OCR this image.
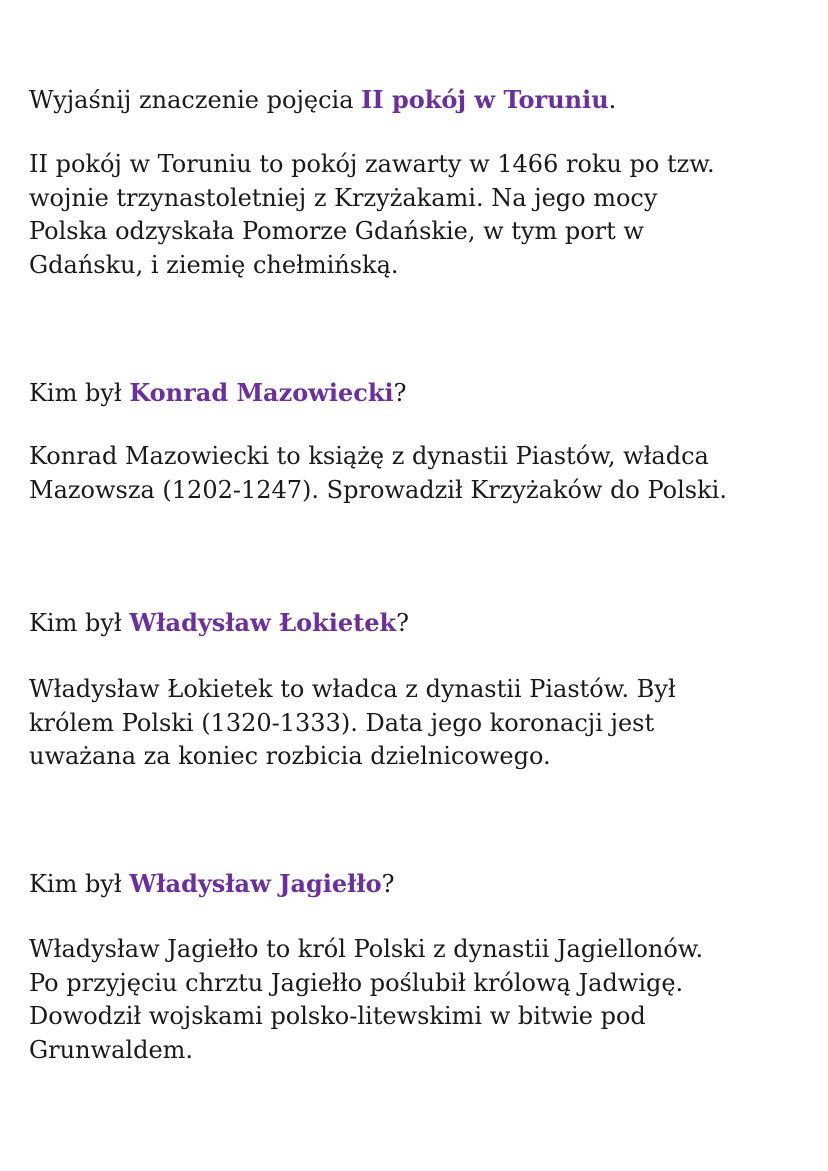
Wyjaśnij znaczenie pojęcia II pokój w Toruniu.

II pokój w Toruniu to pokój zawarty w 1466 roku po tzw.
wojnie trzynastoletniej z Krzyżakami. Na jego mocy
Polska odzyskała Pomorze Gdańskie, w tym port w
Gdańsku, i ziemię chełmińską.

Kim był Konrad Mazowiecki?

Konrad Mazowiecki to książę z dynastii Piastów, władca
Mazowsza (1202-1247). Sprowadził Krzyżaków do Polski.

Kim był Władysław Łokietek?

Władysław Łokietek to władca z dynastii Piastów. Był
królem Polski (1320-1333). Data jego koronacji jest
uważana za koniec rozbicia dzielnicowego.

Kim był Władysław Jagiełło?

Władysław Jagiełło to król Polski z dynastii Jagiellonów.
Po przyjęciu chrztu Jagiełło poślubił królową Jadwigę.
Dowodził wojskami polsko-litewskimi w bitwie pod
Grunwaldem.
